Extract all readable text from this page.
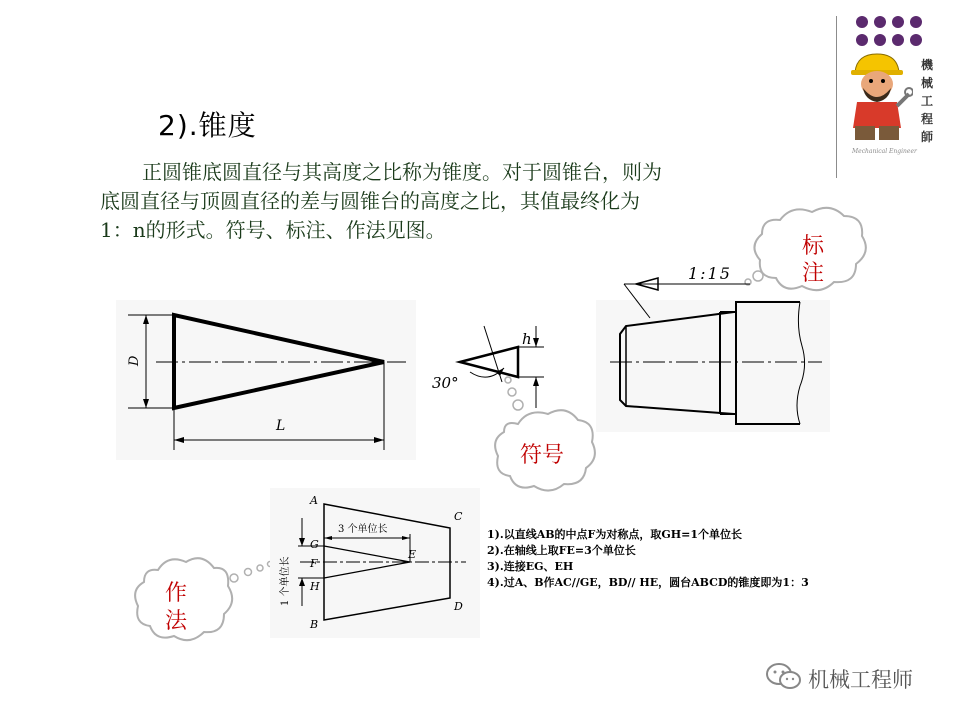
機
械
工
程
師
Mechanical Engineer
2).锥度
正圆锥底圆直径与其高度之比称为锥度。对于圆锥台，则为
底圆直径与顶圆直径的差与圆锥台的高度之比，其值最终化为
1：n的形式。符号、标注、作法见图。
标
注
符号
作
法
D
L
h
30°
1:15
A
B
C
D
E
F
G
H
3 个单位长
1 个单位长
1).以直线AB的中点F为对称点，取GH=1个单位长
2).在轴线上取FE=3个单位长
3).连接EG、EH
4).过A、B作AC//GE，BD// HE，圆台ABCD的锥度即为1：3
机械工程师
